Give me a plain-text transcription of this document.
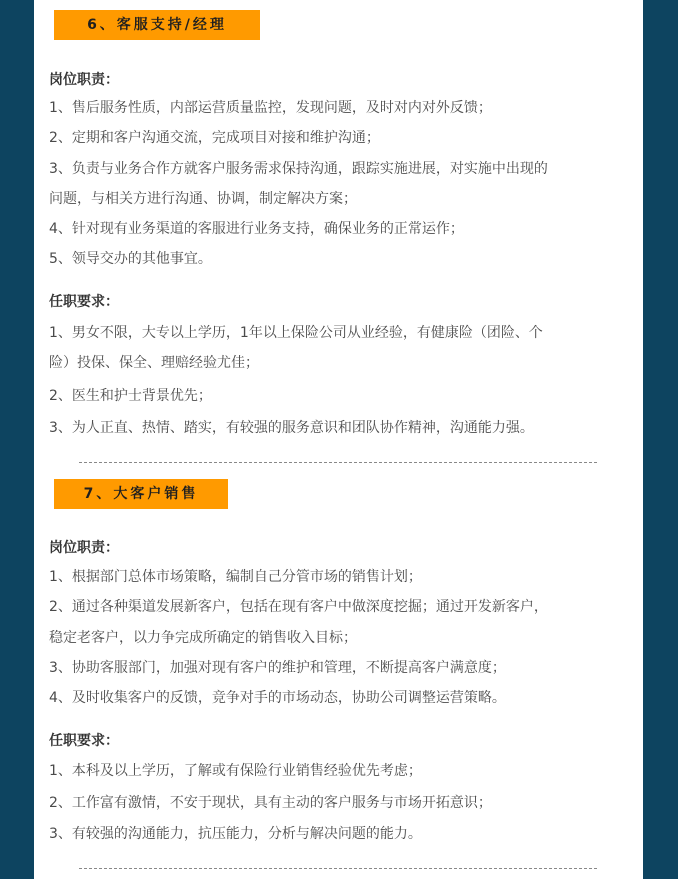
6、客服支持/经理
岗位职责：
1、售后服务性质，内部运营质量监控，发现问题，及时对内对外反馈；
2、定期和客户沟通交流，完成项目对接和维护沟通；
3、负责与业务合作方就客户服务需求保持沟通，跟踪实施进展，对实施中出现的
问题，与相关方进行沟通、协调，制定解决方案；
4、针对现有业务渠道的客服进行业务支持，确保业务的正常运作；
5、领导交办的其他事宜。
任职要求：
1、男女不限，大专以上学历，1年以上保险公司从业经验，有健康险（团险、个
险）投保、保全、理赔经验尤佳；
2、医生和护士背景优先；
3、为人正直、热情、踏实，有较强的服务意识和团队协作精神，沟通能力强。
7、大客户销售
岗位职责：
1、根据部门总体市场策略，编制自己分管市场的销售计划；
2、通过各种渠道发展新客户，包括在现有客户中做深度挖掘；通过开发新客户，
稳定老客户，以力争完成所确定的销售收入目标；
3、协助客服部门，加强对现有客户的维护和管理，不断提高客户满意度；
4、及时收集客户的反馈，竞争对手的市场动态，协助公司调整运营策略。
任职要求：
1、本科及以上学历，了解或有保险行业销售经验优先考虑；
2、工作富有激情，不安于现状，具有主动的客户服务与市场开拓意识；
3、有较强的沟通能力，抗压能力，分析与解决问题的能力。
